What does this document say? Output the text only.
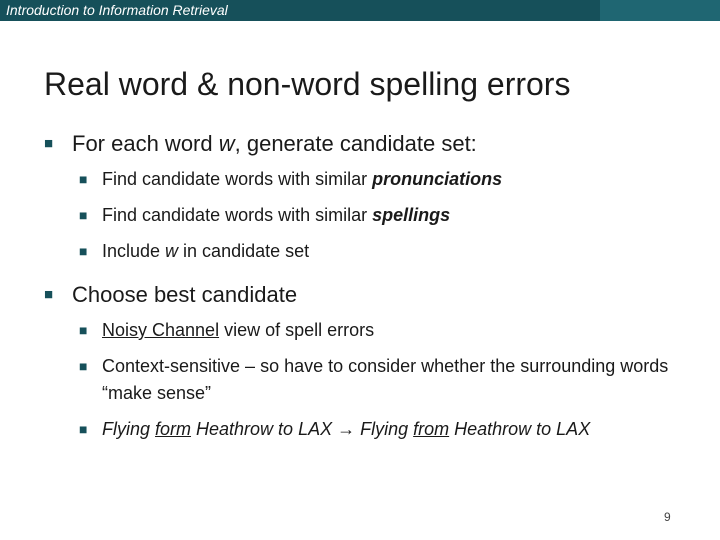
Introduction to Information Retrieval
Real word & non-word spelling errors
■ For each word w, generate candidate set:
■ Find candidate words with similar pronunciations
■ Find candidate words with similar spellings
■ Include w in candidate set
■ Choose best candidate
■ Noisy Channel view of spell errors
■ Context-sensitive – so have to consider whether the surrounding words “make sense”
■ Flying form Heathrow to LAX → Flying from Heathrow to LAX
9
